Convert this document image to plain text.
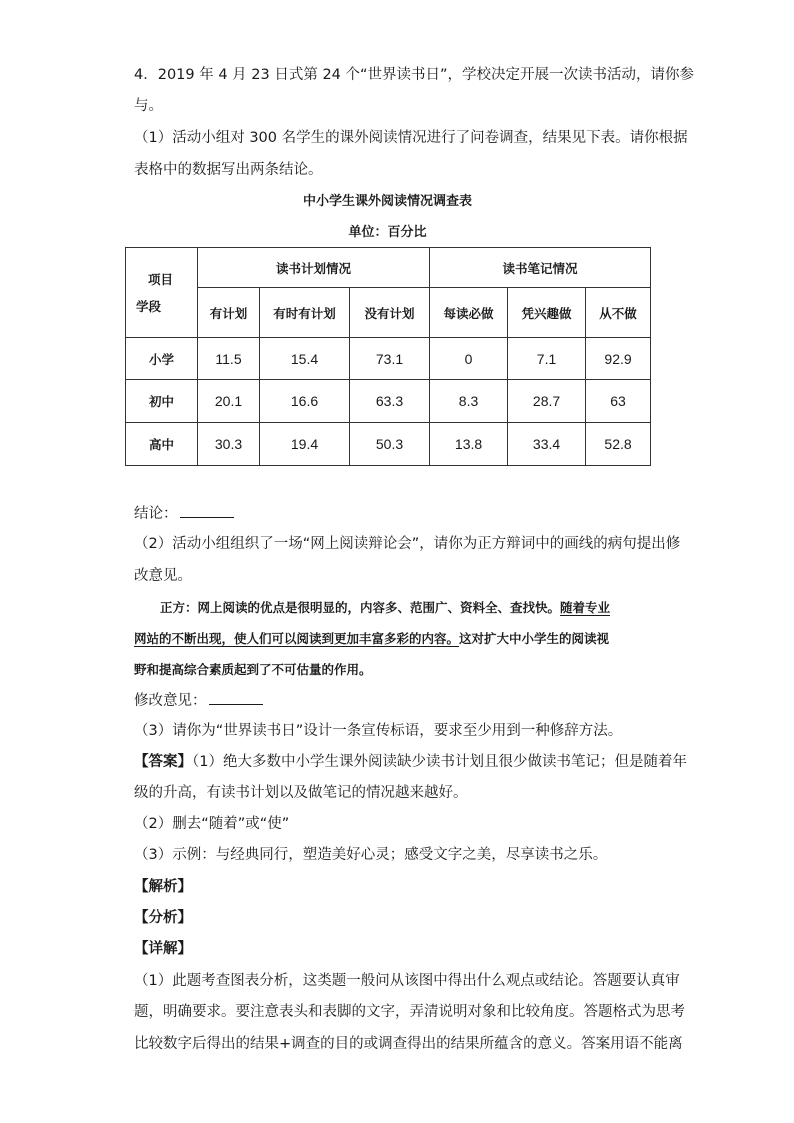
4．2019 年 4 月 23 日式第 24 个“世界读书日”，学校决定开展一次读书活动，请你参
与。
（1）活动小组对 300 名学生的课外阅读情况进行了问卷调查，结果见下表。请你根据
表格中的数据写出两条结论。
中小学生课外阅读情况调查表
单位：百分比
项目
学段	读书计划情况			读书笔记情况		
	有计划	有时有计划	没有计划	每读必做	凭兴趣做	从不做
小学	11.5	15.4	73.1	0	7.1	92.9
初中	20.1	16.6	63.3	8.3	28.7	63
高中	30.3	19.4	50.3	13.8	33.4	52.8
结论：
（2）活动小组组织了一场“网上阅读辩论会”，请你为正方辩词中的画线的病句提出修
改意见。
正方：网上阅读的优点是很明显的，内容多、范围广、资料全、查找快。随着专业
网站的不断出现，使人们可以阅读到更加丰富多彩的内容。这对扩大中小学生的阅读视
野和提高综合素质起到了不可估量的作用。
修改意见：
（3）请你为“世界读书日”设计一条宣传标语，要求至少用到一种修辞方法。
【答案】（1）绝大多数中小学生课外阅读缺少读书计划且很少做读书笔记；但是随着年
级的升高，有读书计划以及做笔记的情况越来越好。
（2）删去“随着”或“使”
（3）示例：与经典同行，塑造美好心灵；感受文字之美，尽享读书之乐。
【解析】
【分析】
【详解】
（1）此题考查图表分析，这类题一般问从该图中得出什么观点或结论。答题要认真审
题，明确要求。要注意表头和表脚的文字，弄清说明对象和比较角度。答题格式为思考
比较数字后得出的结果+调查的目的或调查得出的结果所蕴含的意义。答案用语不能离
